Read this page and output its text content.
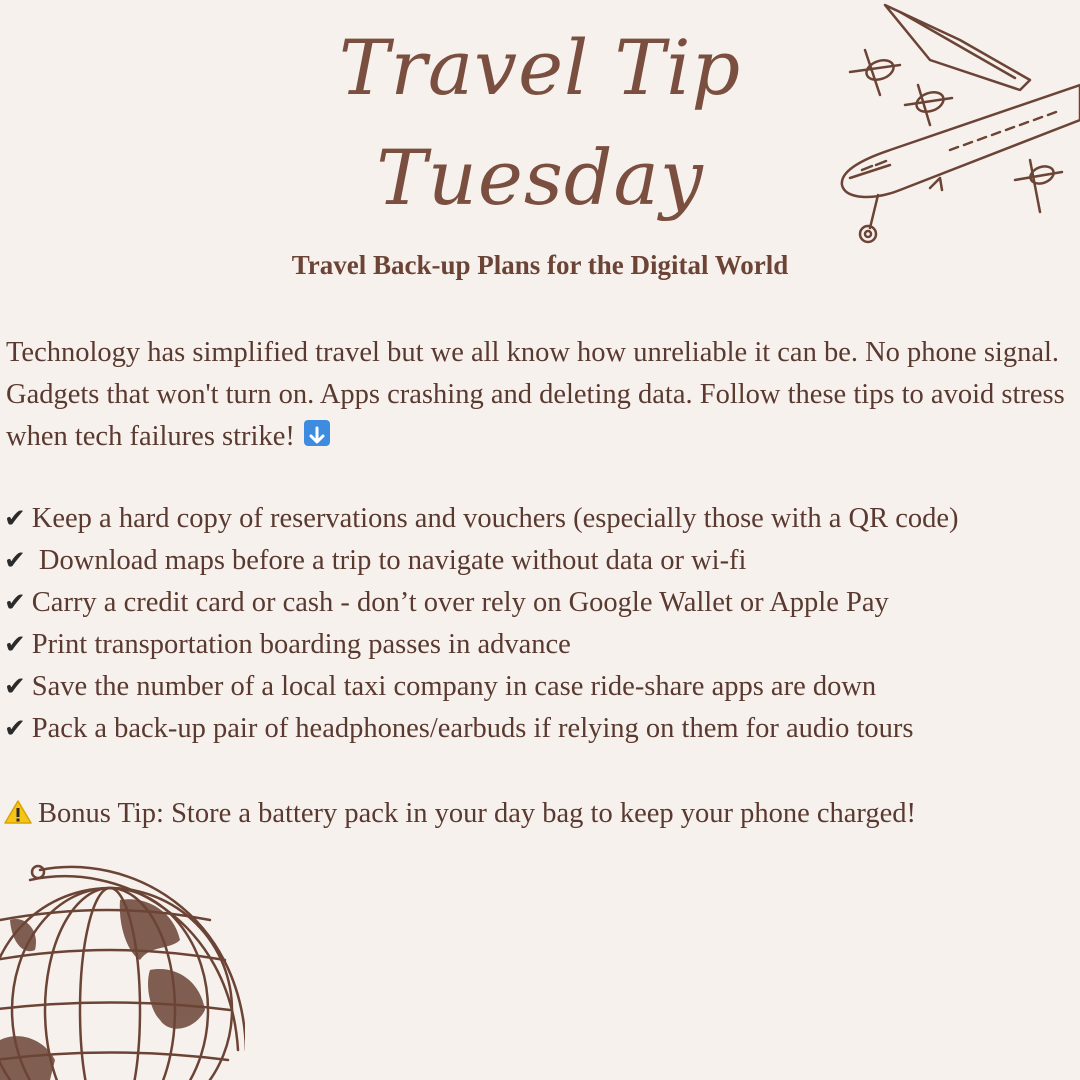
Travel Tip
Tuesday
Travel Back-up Plans for the Digital World

Technology has simplified travel but we all know how unreliable it can be. No phone signal. Gadgets that won't turn on. Apps crashing and deleting data. Follow these tips to avoid stress when tech failures strike!

✔ Keep a hard copy of reservations and vouchers (especially those with a QR code)
✔ Download maps before a trip to navigate without data or wi-fi
✔ Carry a credit card or cash - don’t over rely on Google Wallet or Apple Pay
✔ Print transportation boarding passes in advance
✔ Save the number of a local taxi company in case ride-share apps are down
✔ Pack a back-up pair of headphones/earbuds if relying on them for audio tours

Bonus Tip: Store a battery pack in your day bag to keep your phone charged!
